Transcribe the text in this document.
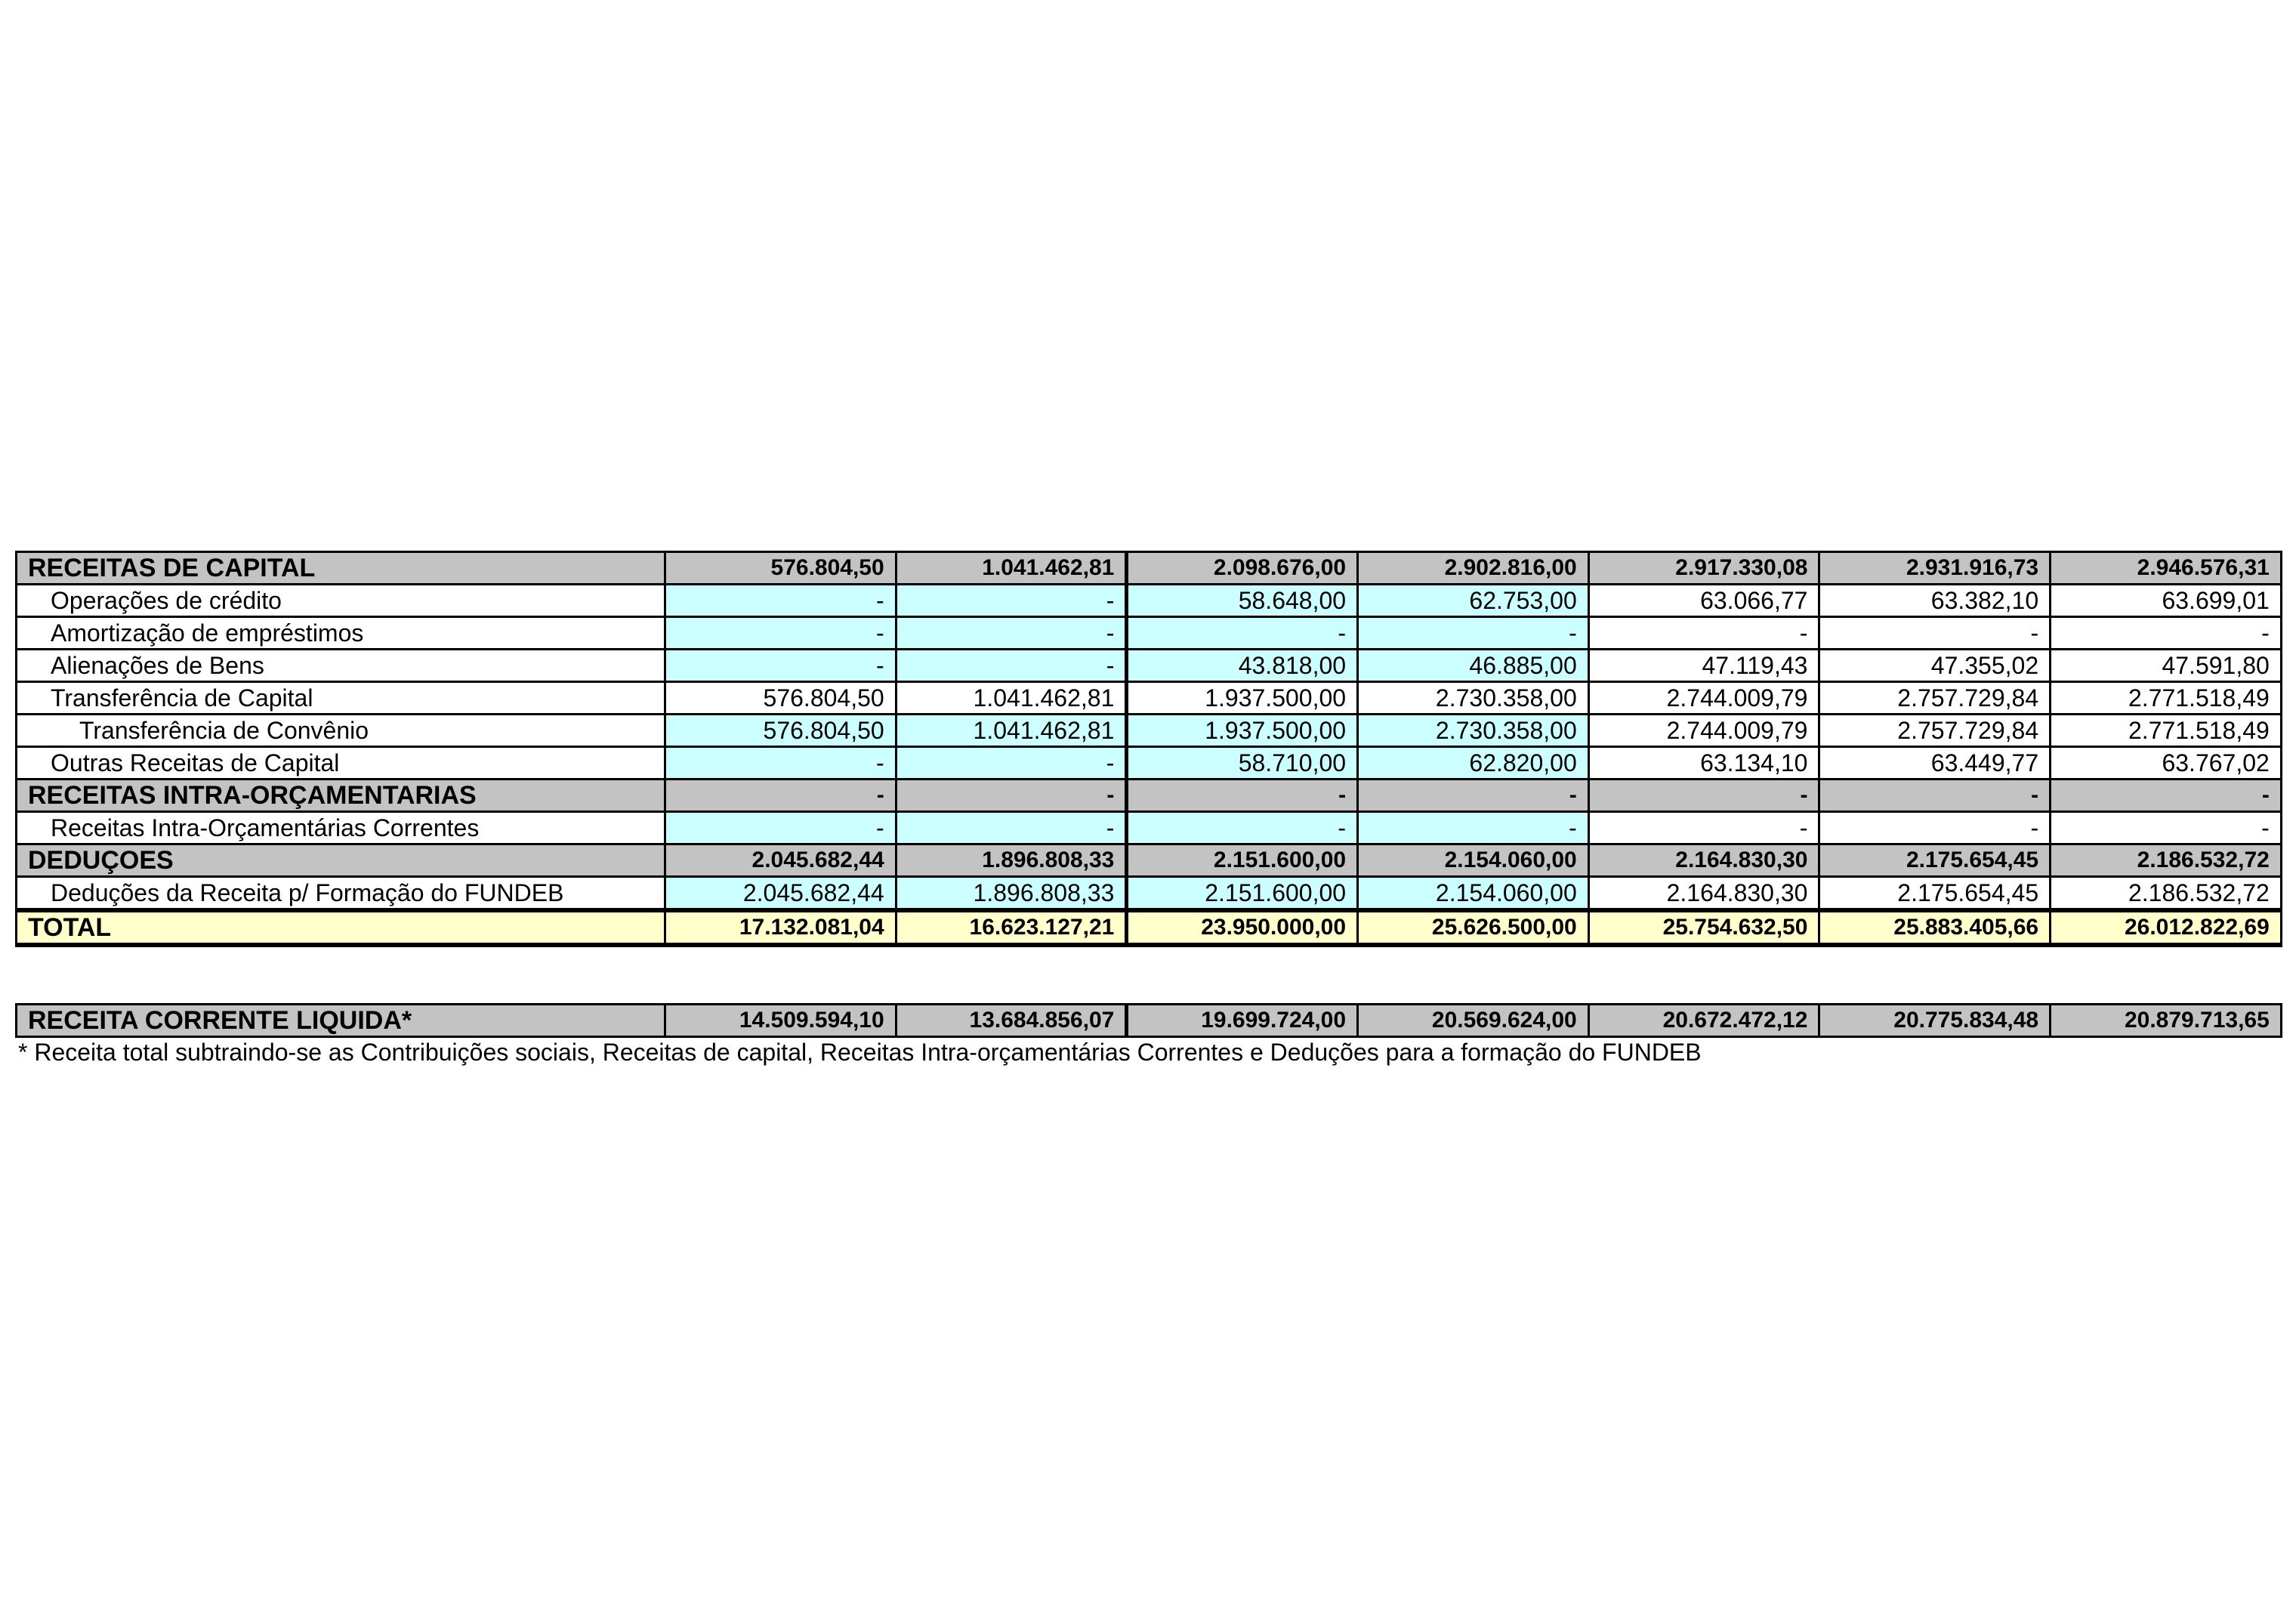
RECEITAS DE CAPITAL	576.804,50	1.041.462,81	2.098.676,00	2.902.816,00	2.917.330,08	2.931.916,73	2.946.576,31
Operações de crédito	-	-	58.648,00	62.753,00	63.066,77	63.382,10	63.699,01
Amortização de empréstimos	-	-	-	-	-	-	-
Alienações de Bens	-	-	43.818,00	46.885,00	47.119,43	47.355,02	47.591,80
Transferência de Capital	576.804,50	1.041.462,81	1.937.500,00	2.730.358,00	2.744.009,79	2.757.729,84	2.771.518,49
Transferência de Convênio	576.804,50	1.041.462,81	1.937.500,00	2.730.358,00	2.744.009,79	2.757.729,84	2.771.518,49
Outras Receitas de Capital	-	-	58.710,00	62.820,00	63.134,10	63.449,77	63.767,02
RECEITAS INTRA-ORÇAMENTARIAS	-	-	-	-	-	-	-
Receitas Intra-Orçamentárias Correntes	-	-	-	-	-	-	-
DEDUÇOES	2.045.682,44	1.896.808,33	2.151.600,00	2.154.060,00	2.164.830,30	2.175.654,45	2.186.532,72
Deduções da Receita p/ Formação do FUNDEB	2.045.682,44	1.896.808,33	2.151.600,00	2.154.060,00	2.164.830,30	2.175.654,45	2.186.532,72
TOTAL	17.132.081,04	16.623.127,21	23.950.000,00	25.626.500,00	25.754.632,50	25.883.405,66	26.012.822,69
RECEITA CORRENTE LIQUIDA*	14.509.594,10	13.684.856,07	19.699.724,00	20.569.624,00	20.672.472,12	20.775.834,48	20.879.713,65
* Receita total subtraindo-se as Contribuições sociais, Receitas de capital, Receitas Intra-orçamentárias Correntes e Deduções para a formação do FUNDEB
